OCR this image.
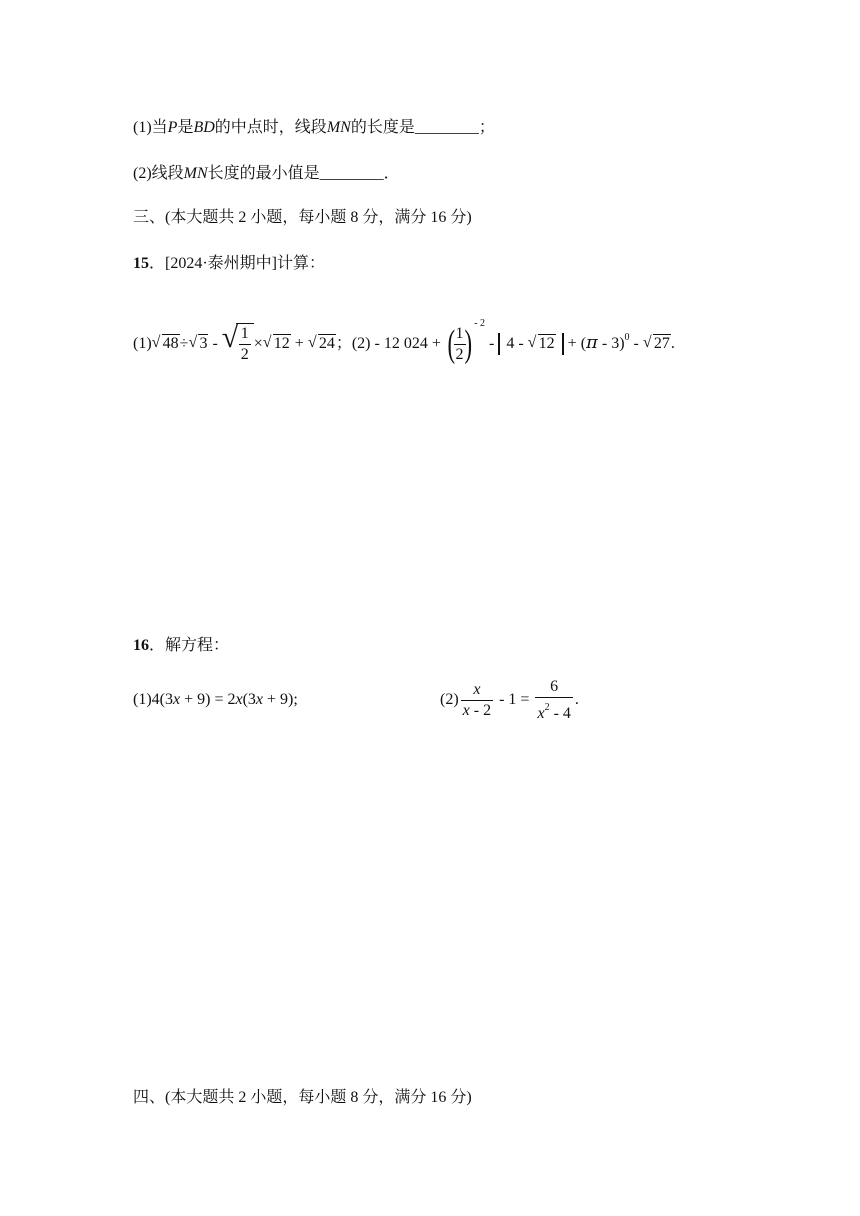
(1)当P是BD的中点时，线段MN的长度是________；
(2)线段MN长度的最小值是________．
三、(本大题共 2 小题，每小题 8 分，满分 16 分)
15．[2024·泰州期中]计算：
(1) √ 48÷ √ 3 - √ $\frac{1}{2}$ × √ 12 + √ 24；(2) - 12 024 + (
$\frac{1}{2}$
) $^{- 2}$ - 4 - √ 12 + (π - 3)$^0$ - √ 27.
16．解方程：
(1)4(3x + 9) = 2x(3x + 9);	$(2) \frac{x}{x - 2} - 1 = \frac{6}{x^2 - 4}$ .
四、(本大题共 2 小题，每小题 8 分，满分 16 分)
